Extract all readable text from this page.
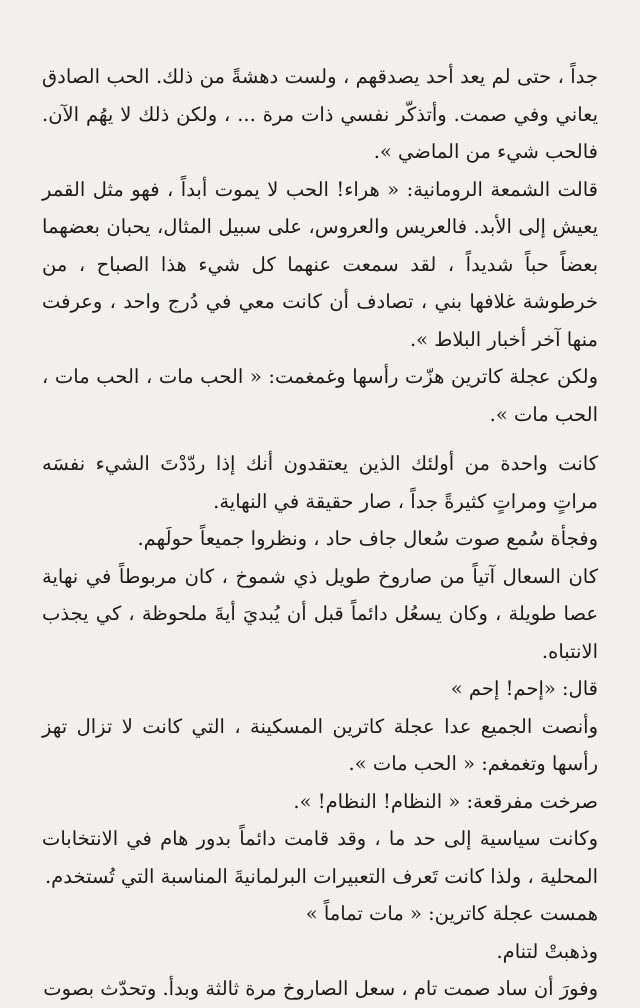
جداً ، حتى لم يعد أحد يصدقهم ، ولست دهشةً من ذلك. الحب الصادق يعاني وفي صمت. وأتذكّر نفسي ذات مرة ... ، ولكن ذلك لا يهُم الآن. فالحب شيء من الماضي ».

قالت الشمعة الرومانية: « هراء! الحب لا يموت أبداً ، فهو مثل القمر يعيش إلى الأبد. فالعريس والعروس، على سبيل المثال، يحبان بعضهما بعضاً حباً شديداً ، لقد سمعت عنهما كل شيء هذا الصباح ، من خرطوشة غلافها بني ، تصادف أن كانت معي في دُرج واحد ، وعرفت منها آخر أخبار البلاط ».

ولكن عجلة كاترين هزّت رأسها وغمغمت: « الحب مات ، الحب مات ، الحب مات ».

كانت واحدة من أولئك الذين يعتقدون أنك إذا ردّدْتَ الشيء نفسَه مراتٍ ومراتٍ كثيرةً جداً ، صار حقيقة في النهاية.

وفجأة سُمع صوت سُعال جاف حاد ، ونظروا جميعاً حولَهم.

كان السعال آتياً من صاروخ طويل ذي شموخ ، كان مربوطاً في نهاية عصا طويلة ، وكان يسعُل دائماً قبل أن يُبديَ أيةَ ملحوظة ، كي يجذب الانتباه.

قال: «إحم! إحم »

وأنصت الجميع عدا عجلة كاترين المسكينة ، التي كانت لا تزال تهز رأسها وتغمغم: « الحب مات ».

صرخت مفرقعة: « النظام! النظام! ».

وكانت سياسية إلى حد ما ، وقد قامت دائماً بدور هام في الانتخابات المحلية ، ولذا كانت تَعرف التعبيرات البرلمانيةَ المناسبة التي تُستخدم.

همست عجلة كاترين: « مات تماماً »

وذهبتْ لتنام.

وفورَ أن ساد صمت تام ، سعل الصاروخ مرة ثالثة وبدأ. وتحدّث بصوت
